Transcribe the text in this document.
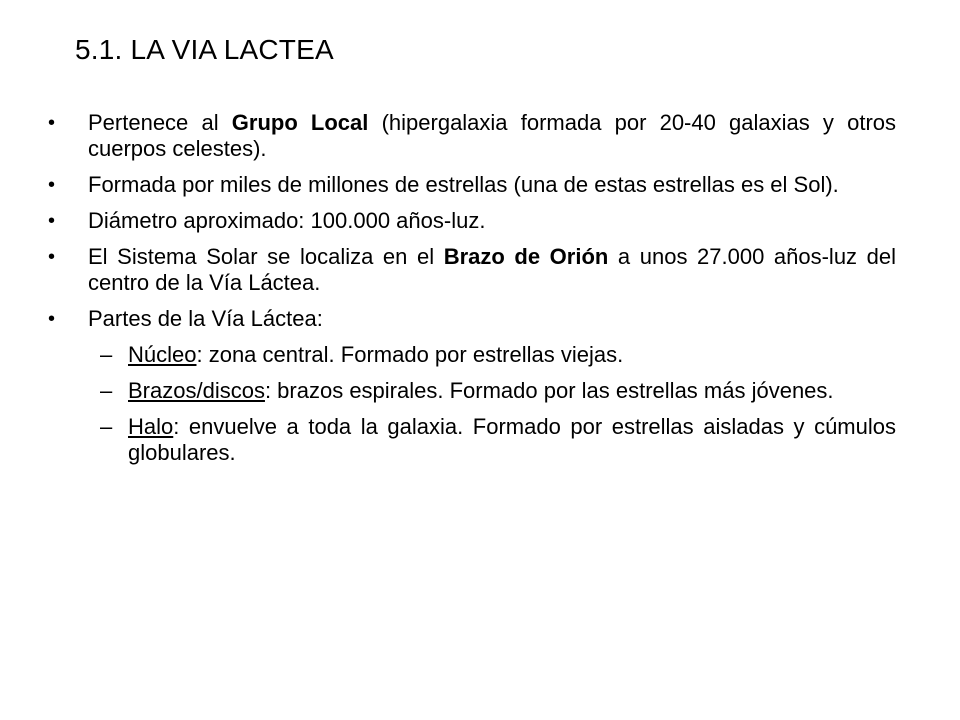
5.1. LA VIA LACTEA
•	Pertenece al Grupo Local (hipergalaxia formada por 20-40 galaxias y otros cuerpos celestes).
•	Formada por miles de millones de estrellas (una de estas estrellas es el Sol).
•	Diámetro aproximado: 100.000 años-luz.
•	El Sistema Solar se localiza en el Brazo de Orión a unos 27.000 años-luz del centro de la Vía Láctea.
•	Partes de la Vía Láctea:
– Núcleo: zona central. Formado por estrellas viejas.
– Brazos/discos: brazos espirales. Formado por las estrellas más jóvenes.
– Halo: envuelve a toda la galaxia. Formado por estrellas aisladas y cúmulos globulares.
